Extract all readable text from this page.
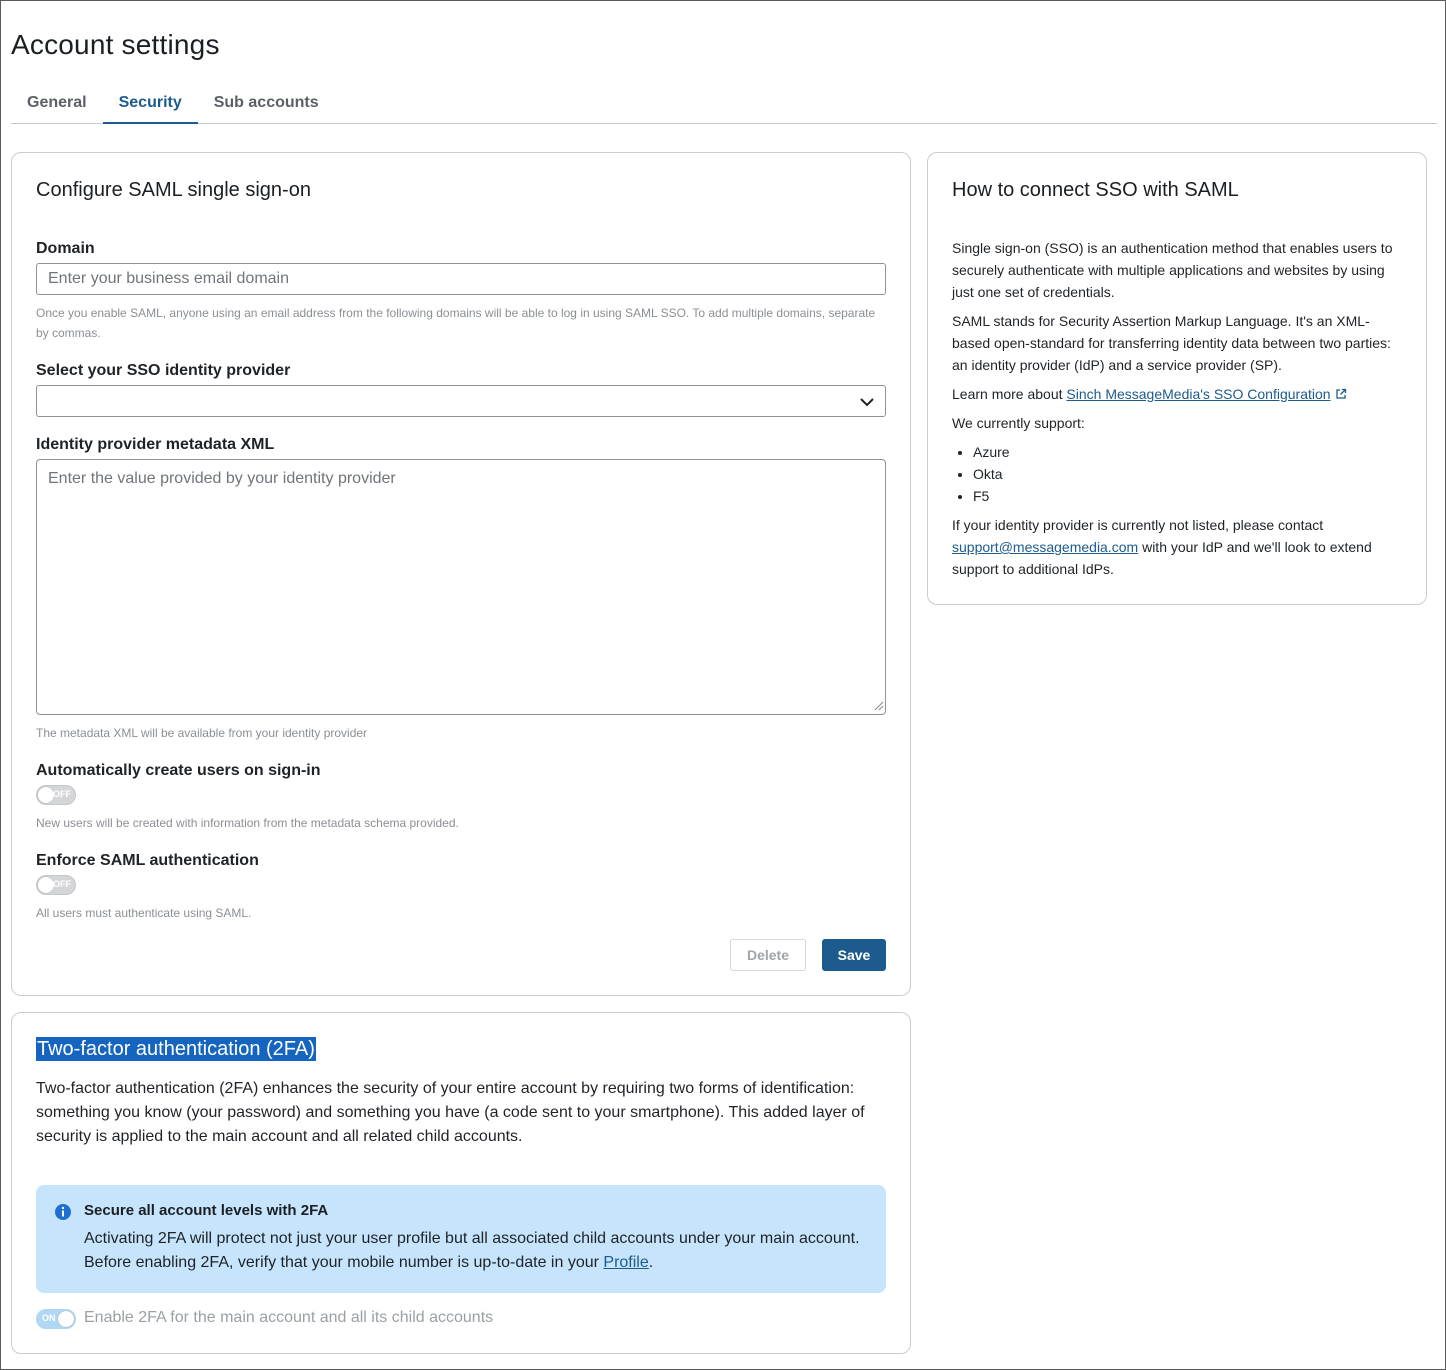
Account settings
General	Security	Sub accounts
Configure SAML single sign-on
Domain
Enter your business email domain
Once you enable SAML, anyone using an email address from the following domains will be able to log in using SAML SSO. To add multiple domains, separate by commas.
Select your SSO identity provider
Identity provider metadata XML
Enter the value provided by your identity provider
The metadata XML will be available from your identity provider
Automatically create users on sign-in
OFF
New users will be created with information from the metadata schema provided.
Enforce SAML authentication
OFF
All users must authenticate using SAML.
Delete	Save
Two-factor authentication (2FA)
Two-factor authentication (2FA) enhances the security of your entire account by requiring two forms of identification: something you know (your password) and something you have (a code sent to your smartphone). This added layer of security is applied to the main account and all related child accounts.
Secure all account levels with 2FA
Activating 2FA will protect not just your user profile but all associated child accounts under your main account. Before enabling 2FA, verify that your mobile number is up-to-date in your Profile.
ON Enable 2FA for the main account and all its child accounts
How to connect SSO with SAML

Single sign-on (SSO) is an authentication method that enables users to securely authenticate with multiple applications and websites by using just one set of credentials.

SAML stands for Security Assertion Markup Language. It's an XML-based open-standard for transferring identity data between two parties: an identity provider (IdP) and a service provider (SP).

Learn more about Sinch MessageMedia's SSO Configuration

We currently support:

• Azure
• Okta
• F5

If your identity provider is currently not listed, please contact support@messagemedia.com with your IdP and we'll look to extend support to additional IdPs.
